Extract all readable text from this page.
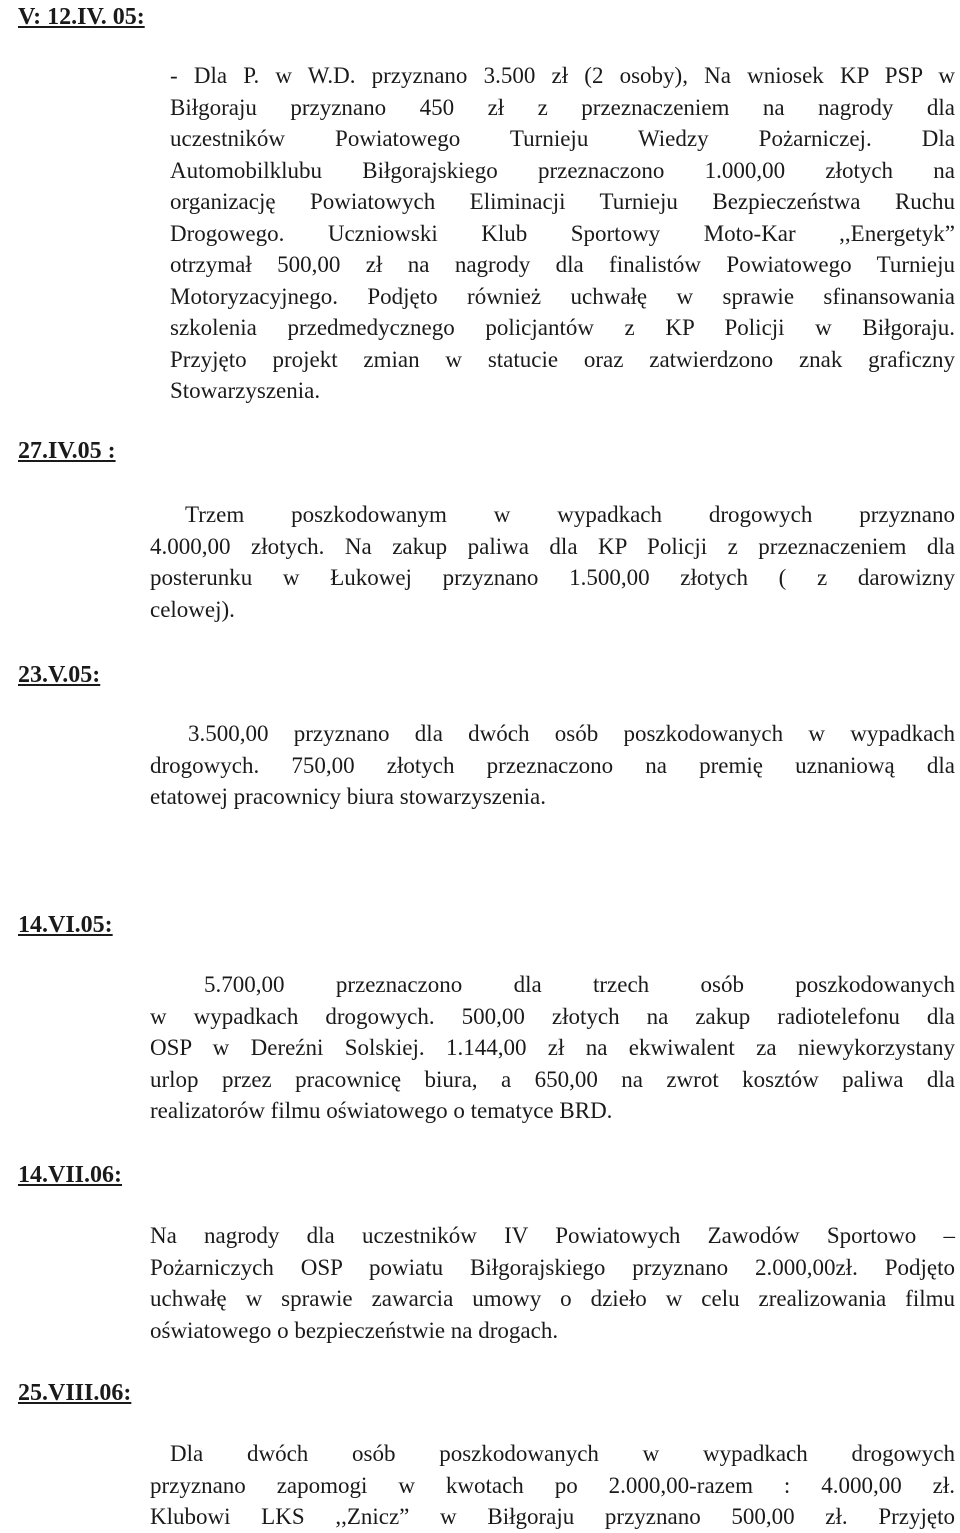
V: 12.IV. 05:
27.IV.05 :
23.V.05:
14.VI.05:
14.VII.06:
25.VIII.06:
- Dla P. w W.D. przyznano 3.500 zł (2 osoby), Na wniosek KP PSP w
Biłgoraju przyznano 450 zł z przeznaczeniem na nagrody dla
uczestników Powiatowego Turnieju Wiedzy Pożarniczej. Dla
Automobilklubu Biłgorajskiego przeznaczono 1.000,00 złotych na
organizację Powiatowych Eliminacji Turnieju Bezpieczeństwa Ruchu
Drogowego. Uczniowski Klub Sportowy Moto-Kar ,,Energetyk”
otrzymał 500,00 zł na nagrody dla finalistów Powiatowego Turnieju
Motoryzacyjnego. Podjęto również uchwałę w sprawie sfinansowania
szkolenia przedmedycznego policjantów z KP Policji w Biłgoraju.
Przyjęto projekt zmian w statucie oraz zatwierdzono znak graficzny
Stowarzyszenia.
Trzem poszkodowanym w wypadkach drogowych przyznano
4.000,00 złotych. Na zakup paliwa dla KP Policji z przeznaczeniem dla
posterunku w Łukowej przyznano 1.500,00 złotych ( z darowizny
celowej).
3.500,00 przyznano dla dwóch osób poszkodowanych w wypadkach
drogowych. 750,00 złotych przeznaczono na premię uznaniową dla
etatowej pracownicy biura stowarzyszenia.
5.700,00 przeznaczono dla trzech osób poszkodowanych
w wypadkach drogowych. 500,00 złotych na zakup radiotelefonu dla
OSP w Dereźni Solskiej. 1.144,00 zł na ekwiwalent za niewykorzystany
urlop przez pracownicę biura, a 650,00 na zwrot kosztów paliwa dla
realizatorów filmu oświatowego o tematyce BRD.
Na nagrody dla uczestników IV Powiatowych Zawodów Sportowo –
Pożarniczych OSP powiatu Biłgorajskiego przyznano 2.000,00zł. Podjęto
uchwałę w sprawie zawarcia umowy o dzieło w celu zrealizowania filmu
oświatowego o bezpieczeństwie na drogach.
Dla dwóch osób poszkodowanych w wypadkach drogowych
przyznano zapomogi w kwotach po 2.000,00-razem : 4.000,00 zł.
Klubowi LKS ,,Znicz” w Biłgoraju przyznano 500,00 zł. Przyjęto
